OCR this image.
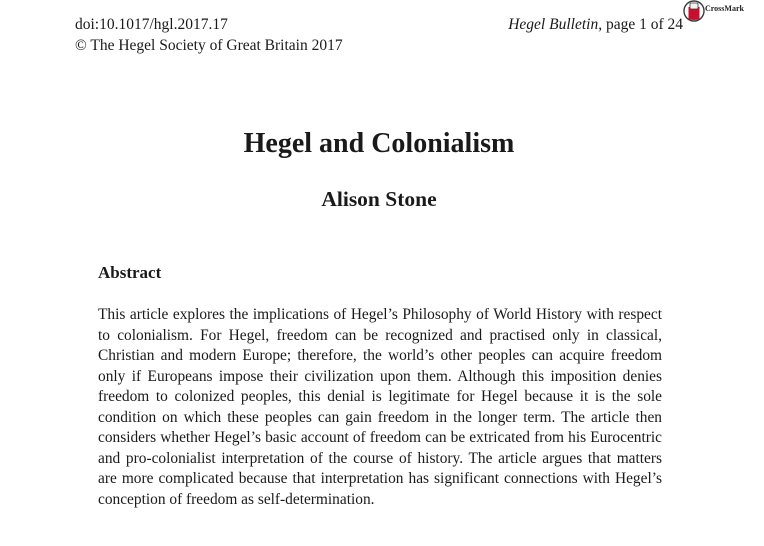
doi:10.1017/hgl.2017.17
© The Hegel Society of Great Britain 2017
Hegel Bulletin, page 1 of 24
CrossMark
Hegel and Colonialism
Alison Stone
Abstract

This article explores the implications of Hegel’s Philosophy of World History with respect to colonialism. For Hegel, freedom can be recognized and practised only in classical, Christian and modern Europe; therefore, the world’s other peoples can acquire freedom only if Europeans impose their civilization upon them. Although this imposition denies freedom to colonized peoples, this denial is legitimate for Hegel because it is the sole condition on which these peoples can gain freedom in the longer term. The article then considers whether Hegel’s basic account of freedom can be extricated from his Eurocentric and pro-colonialist interpretation of the course of history. The article argues that matters are more complicated because that interpretation has significant connections with Hegel’s conception of freedom as self-determination.
